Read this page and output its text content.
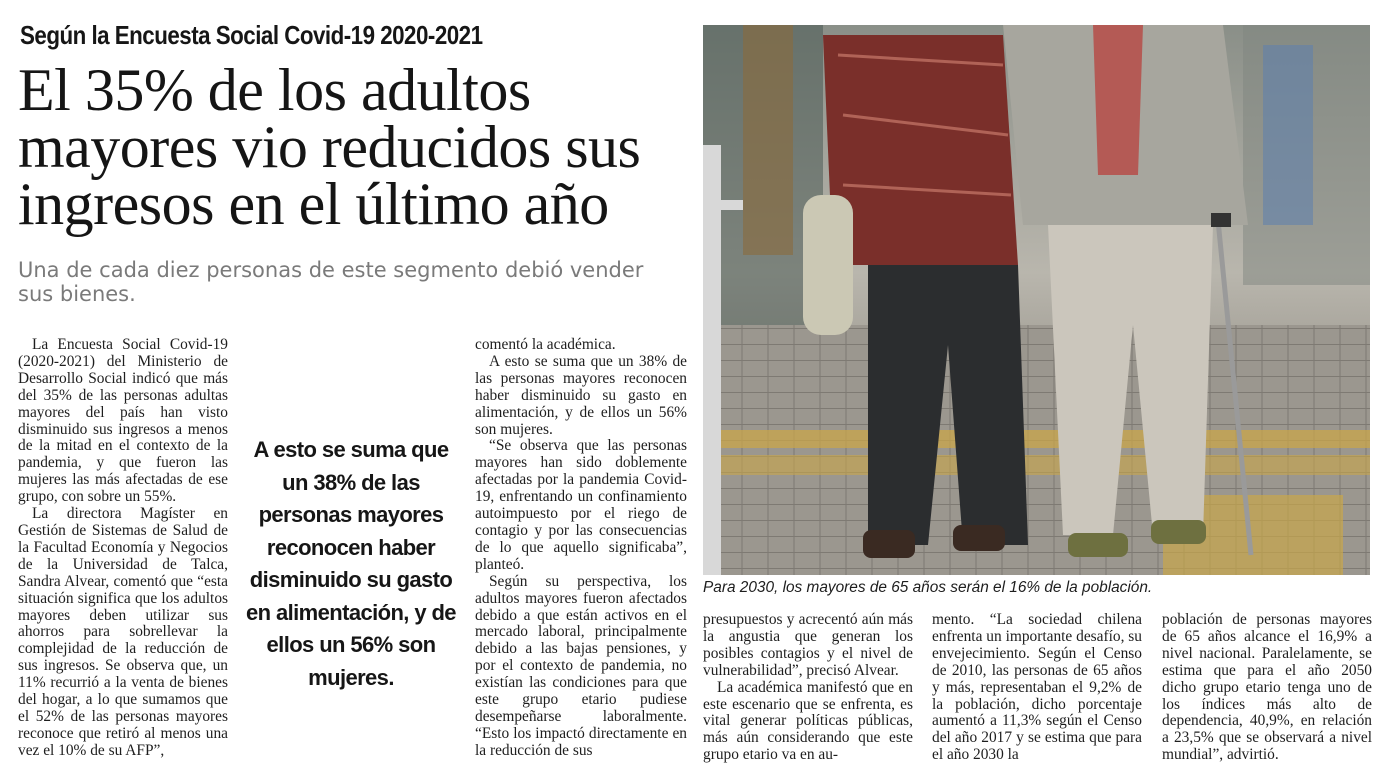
Según la Encuesta Social Covid-19 2020-2021
El 35% de los adultos
mayores vio reducidos sus
ingresos en el último año
Una de cada diez personas de este segmento debió vender sus bienes.

La Encuesta Social Covid-19 (2020-2021) del Ministerio de Desarrollo Social indicó que más del 35% de las personas adultas mayores del país han visto disminuido sus ingresos a menos de la mitad en el contexto de la pandemia, y que fueron las mujeres las más afectadas de ese grupo, con sobre un 55%.

La directora Magíster en Gestión de Sistemas de Salud de la Facultad Economía y Negocios de la Universidad de Talca, Sandra Alvear, comentó que “esta situación significa que los adultos mayores deben utilizar sus ahorros para sobrellevar la complejidad de la reducción de sus ingresos. Se observa que, un 11% recurrió a la venta de bienes del hogar, a lo que sumamos que el 52% de las personas mayores reconoce que retiró al menos una vez el 10% de su AFP”,

A esto se suma que un 38% de las personas mayores reconocen haber disminuido su gasto en alimentación, y de ellos un 56% son mujeres.

comentó la académica.

A esto se suma que un 38% de las personas mayores reconocen haber disminuido su gasto en alimentación, y de ellos un 56% son mujeres.

“Se observa que las personas mayores han sido doblemente afectadas por la pandemia Covid-19, enfrentando un confinamiento autoimpuesto por el riego de contagio y por las consecuencias de lo que aquello significaba”, planteó.

Según su perspectiva, los adultos mayores fueron afectados debido a que están activos en el mercado laboral, principalmente debido a las bajas pensiones, y por el contexto de pandemia, no existían las condiciones para que este grupo etario pudiese desempeñarse laboralmente. “Esto los impactó directamente en la reducción de sus

Para 2030, los mayores de 65 años serán el 16% de la población.

presupuestos y acrecentó aún más la angustia que generan los posibles contagios y el nivel de vulnerabilidad”, precisó Alvear.

La académica manifestó que en este escenario que se enfrenta, es vital generar políticas públicas, más aún considerando que este grupo etario va en au-

mento. “La sociedad chilena enfrenta un importante desafío, su envejecimiento. Según el Censo de 2010, las personas de 65 años y más, representaban el 9,2% de la población, dicho porcentaje aumentó a 11,3% según el Censo del año 2017 y se estima que para el año 2030 la

población de personas mayores de 65 años alcance el 16,9% a nivel nacional. Paralelamente, se estima que para el año 2050 dicho grupo etario tenga uno de los índices más alto de dependencia, 40,9%, en relación a 23,5% que se observará a nivel mundial”, advirtió.
